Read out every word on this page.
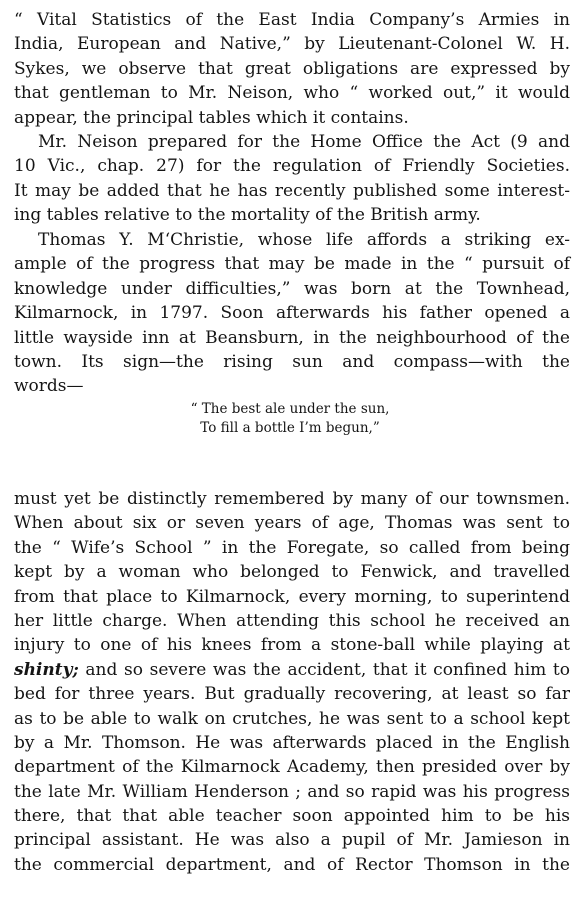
“ Vital Statistics of the East India Company’s Armies in
India, European and Native,” by Lieutenant-Colonel W. H.
Sykes, we observe that great obligations are expressed by
that gentleman to Mr. Neison, who “ worked out,” it would
appear, the principal tables which it contains.
Mr. Neison prepared for the Home Office the Act (9 and
10 Vic., chap. 27) for the regulation of Friendly Societies.
It may be added that he has recently published some interest-
ing tables relative to the mortality of the British army.
Thomas Y. M‘Christie, whose life affords a striking ex-
ample of the progress that may be made in the “ pursuit of
knowledge under difficulties,” was born at the Townhead,
Kilmarnock, in 1797. Soon afterwards his father opened a
little wayside inn at Beansburn, in the neighbourhood of the
town. Its sign—the rising sun and compass—with the
words—
“ The best ale under the sun,
To fill a bottle I’m begun,”
must yet be distinctly remembered by many of our townsmen.
When about six or seven years of age, Thomas was sent to
the “ Wife’s School ” in the Foregate, so called from being
kept by a woman who belonged to Fenwick, and travelled
from that place to Kilmarnock, every morning, to superintend
her little charge. When attending this school he received an
injury to one of his knees from a stone-ball while playing at
shinty; and so severe was the accident, that it confined him to
bed for three years. But gradually recovering, at least so far
as to be able to walk on crutches, he was sent to a school kept
by a Mr. Thomson. He was afterwards placed in the English
department of the Kilmarnock Academy, then presided over by
the late Mr. William Henderson ; and so rapid was his progress
there, that that able teacher soon appointed him to be his
principal assistant. He was also a pupil of Mr. Jamieson in
the commercial department, and of Rector Thomson in the
